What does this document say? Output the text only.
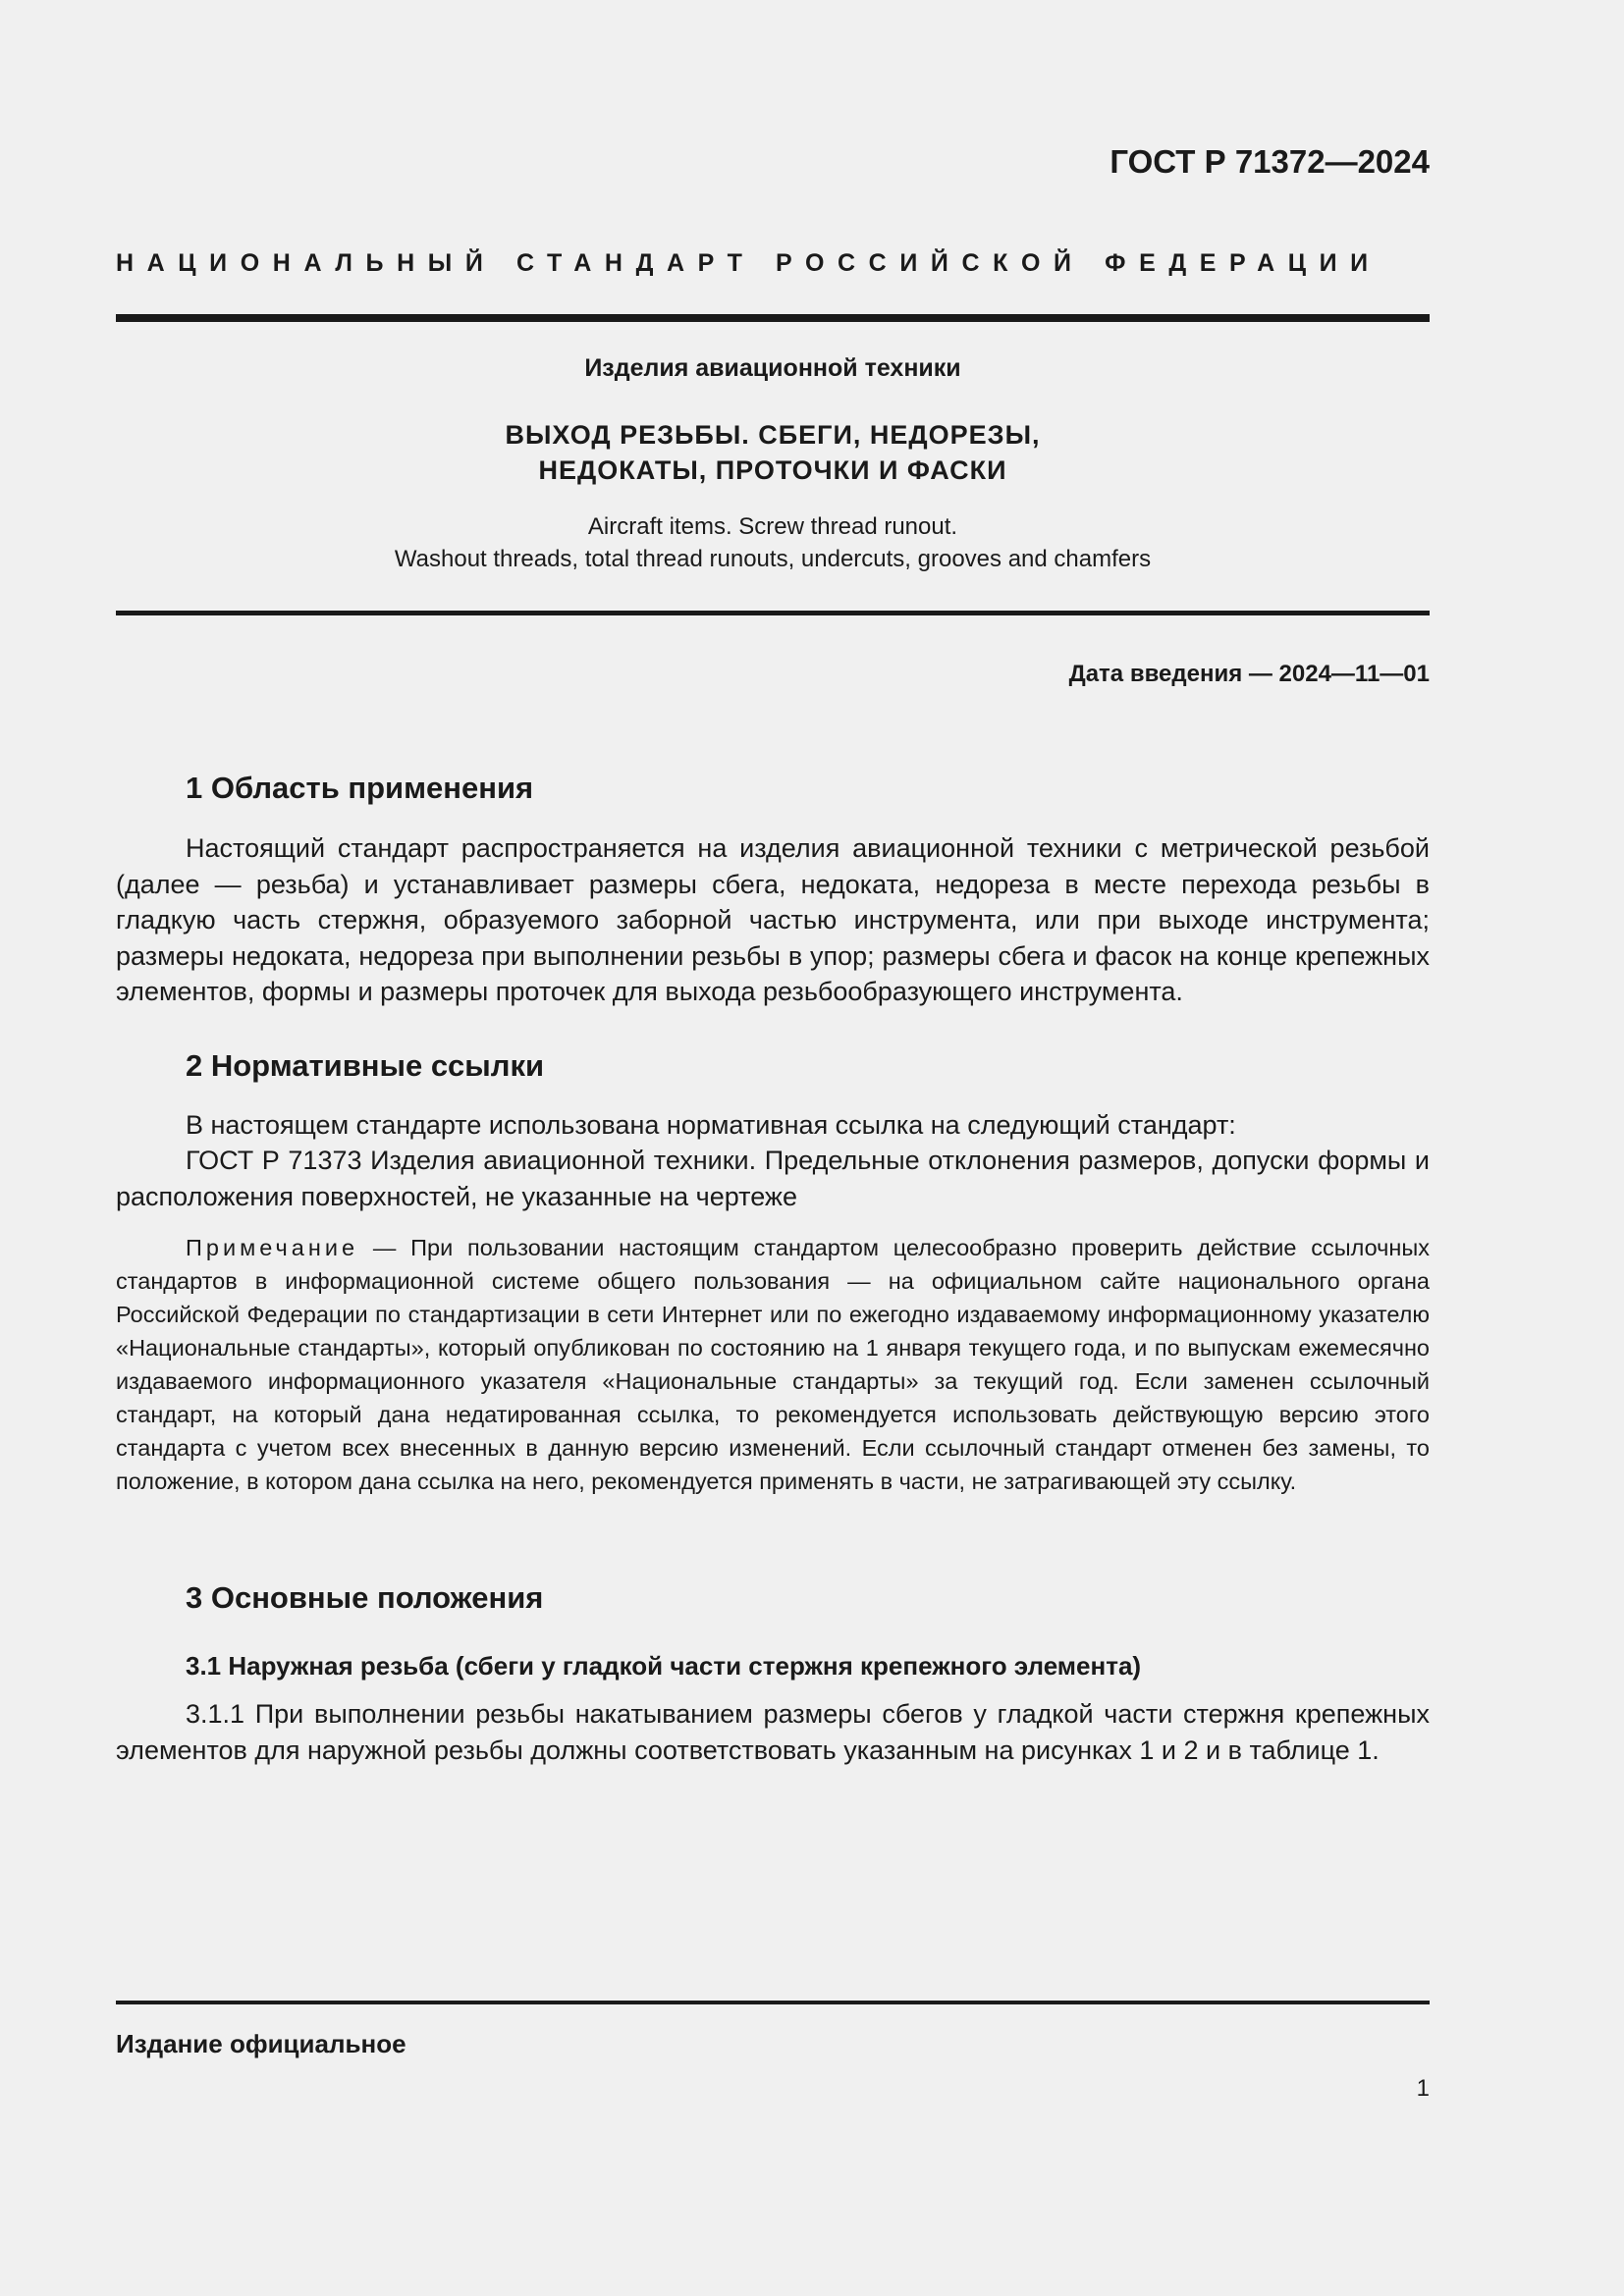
ГОСТ Р 71372—2024
НАЦИОНАЛЬНЫЙ СТАНДАРТ РОССИЙСКОЙ ФЕДЕРАЦИИ
Изделия авиационной техники
ВЫХОД РЕЗЬБЫ. СБЕГИ, НЕДОРЕЗЫ,
НЕДОКАТЫ, ПРОТОЧКИ И ФАСКИ
Aircraft items. Screw thread runout.
Washout threads, total thread runouts, undercuts, grooves and chamfers
Дата введения — 2024—11—01
1 Область применения

Настоящий стандарт распространяется на изделия авиационной техники с метрической резьбой (далее — резьба) и устанавливает размеры сбега, недоката, недореза в месте перехода резьбы в гладкую часть стержня, образуемого заборной частью инструмента, или при выходе инструмента; размеры недоката, недореза при выполнении резьбы в упор; размеры сбега и фасок на конце крепежных элементов, формы и размеры проточек для выхода резьбообразующего инструмента.

2 Нормативные ссылки

В настоящем стандарте использована нормативная ссылка на следующий стандарт:

ГОСТ Р 71373 Изделия авиационной техники. Предельные отклонения размеров, допуски формы и расположения поверхностей, не указанные на чертеже

Примечание — При пользовании настоящим стандартом целесообразно проверить действие ссылочных стандартов в информационной системе общего пользования — на официальном сайте национального органа Российской Федерации по стандартизации в сети Интернет или по ежегодно издаваемому информационному указателю «Национальные стандарты», который опубликован по состоянию на 1 января текущего года, и по выпускам ежемесячно издаваемого информационного указателя «Национальные стандарты» за текущий год. Если заменен ссылочный стандарт, на который дана недатированная ссылка, то рекомендуется использовать действующую версию этого стандарта с учетом всех внесенных в данную версию изменений. Если ссылочный стандарт отменен без замены, то положение, в котором дана ссылка на него, рекомендуется применять в части, не затрагивающей эту ссылку.

3 Основные положения
3.1 Наружная резьба (сбеги у гладкой части стержня крепежного элемента)

3.1.1 При выполнении резьбы накатыванием размеры сбегов у гладкой части стержня крепежных элементов для наружной резьбы должны соответствовать указанным на рисунках 1 и 2 и в таблице 1.

Издание официальное
1
